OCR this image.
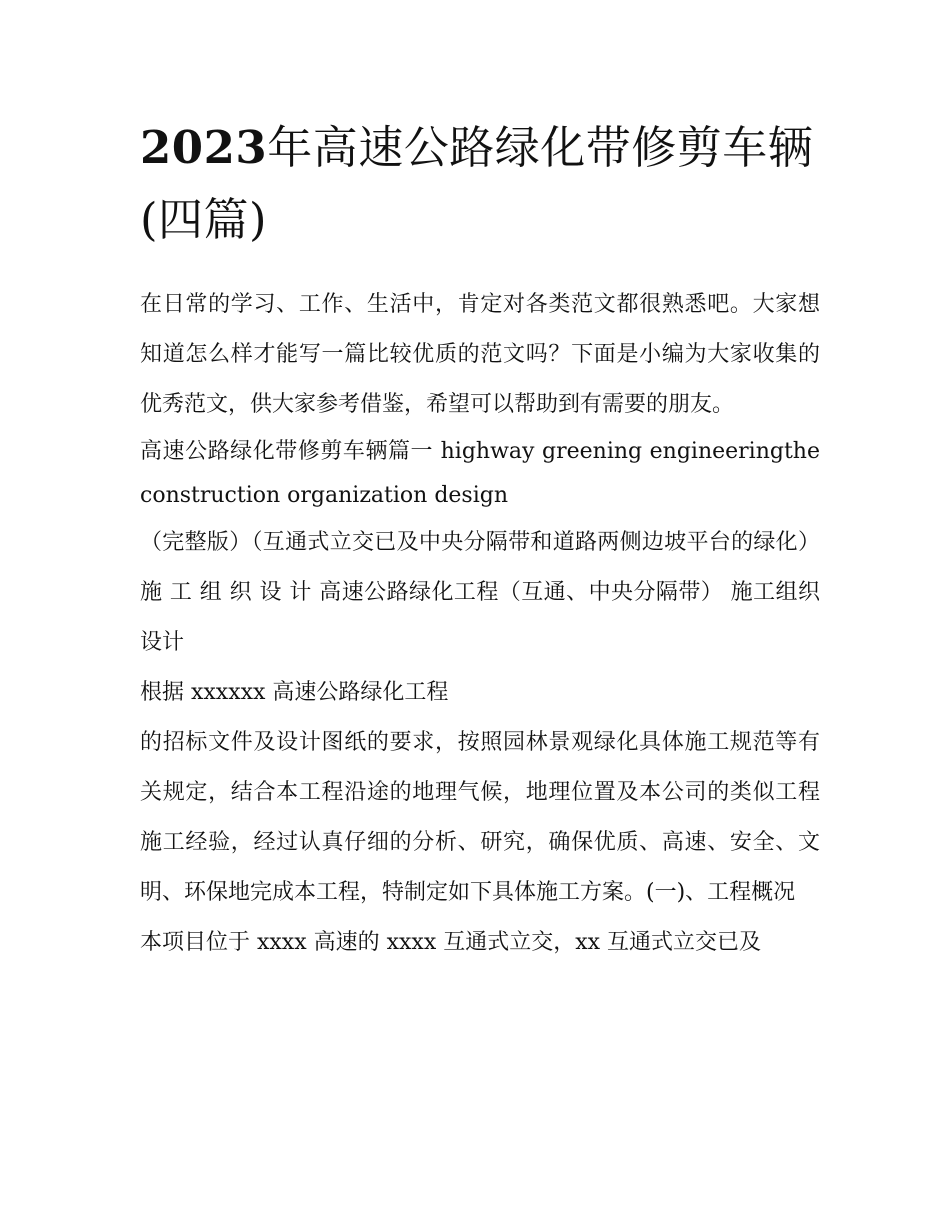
2023年高速公路绿化带修剪车辆(四篇)

在日常的学习、工作、生活中，肯定对各类范文都很熟悉吧。大家想知道怎么样才能写一篇比较优质的范文吗？下面是小编为大家收集的优秀范文，供大家参考借鉴，希望可以帮助到有需要的朋友。

高速公路绿化带修剪车辆篇一 highway greening engineeringthe construction organization design

（完整版）（互通式立交已及中央分隔带和道路两侧边坡平台的绿化） 施 工 组 织 设 计 高速公路绿化工程（互通、中央分隔带） 施工组织设计

根据 xxxxxx 高速公路绿化工程

的招标文件及设计图纸的要求，按照园林景观绿化具体施工规范等有关规定，结合本工程沿途的地理气候，地理位置及本公司的类似工程施工经验，经过认真仔细的分析、研究，确保优质、高速、安全、文明、环保地完成本工程，特制定如下具体施工方案。(一)、工程概况

本项目位于 xxxx 高速的 xxxx 互通式立交，xx 互通式立交已及
